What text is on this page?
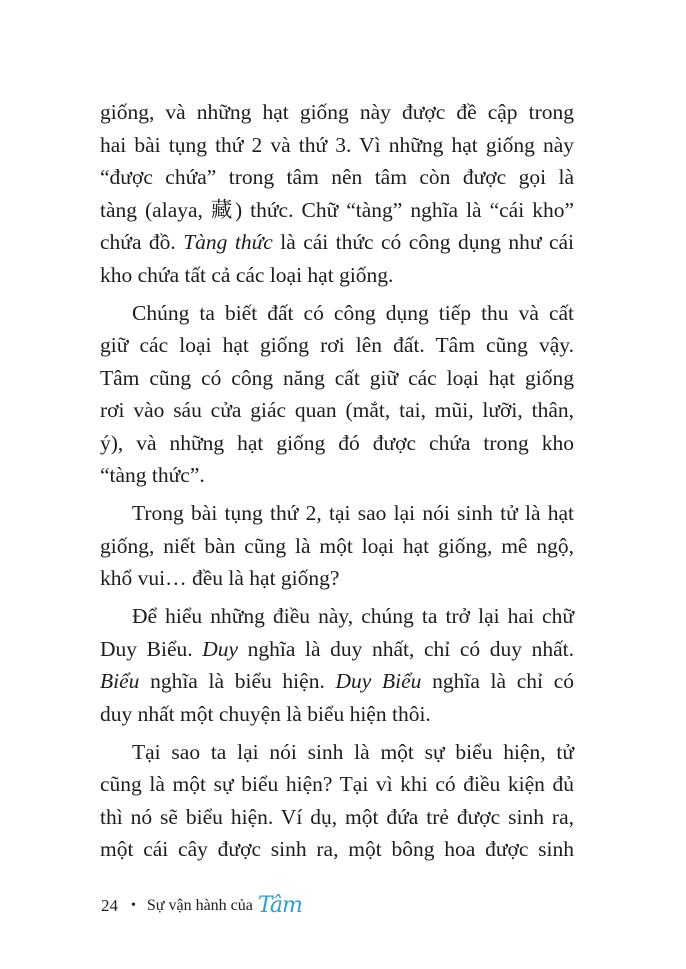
giống, và những hạt giống này được đề cập trong
hai bài tụng thứ 2 và thứ 3. Vì những hạt giống này
“được chứa” trong tâm nên tâm còn được gọi là
tàng (alaya, 藏) thức. Chữ “tàng” nghĩa là “cái kho”
chứa đồ. Tàng thức là cái thức có công dụng như cái
kho chứa tất cả các loại hạt giống.
Chúng ta biết đất có công dụng tiếp thu và cất
giữ các loại hạt giống rơi lên đất. Tâm cũng vậy.
Tâm cũng có công năng cất giữ các loại hạt giống
rơi vào sáu cửa giác quan (mắt, tai, mũi, lưỡi, thân,
ý), và những hạt giống đó được chứa trong kho
“tàng thức”.
Trong bài tụng thứ 2, tại sao lại nói sinh tử là hạt
giống, niết bàn cũng là một loại hạt giống, mê ngộ,
khổ vui… đều là hạt giống?
Để hiểu những điều này, chúng ta trở lại hai chữ
Duy Biểu. Duy nghĩa là duy nhất, chỉ có duy nhất.
Biểu nghĩa là biểu hiện. Duy Biểu nghĩa là chỉ có
duy nhất một chuyện là biểu hiện thôi.
Tại sao ta lại nói sinh là một sự biểu hiện, tử
cũng là một sự biểu hiện? Tại vì khi có điều kiện đủ
thì nó sẽ biểu hiện. Ví dụ, một đứa trẻ được sinh ra,
một cái cây được sinh ra, một bông hoa được sinh
24 • Sự vận hành của Tâm
